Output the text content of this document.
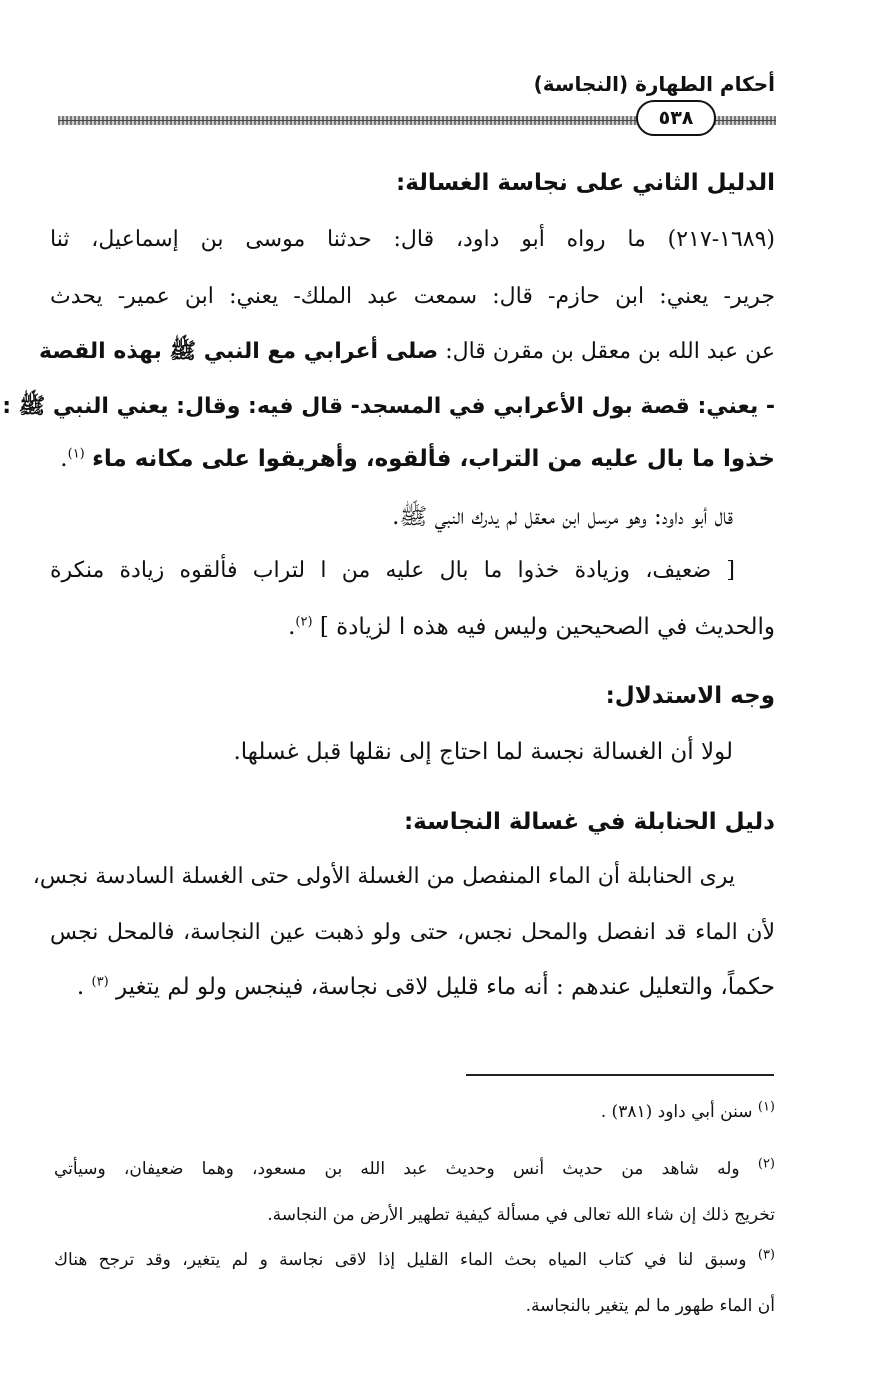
أحكام الطهارة (النجاسة)
٥٣٨
الدليل الثاني على نجاسة الغسالة:
(١٦٨٩-٢١٧) ما رواه أبو داود، قال: حدثنا موسى بن إسماعيل، ثنا
جرير- يعني: ابن حازم- قال: سمعت عبد الملك- يعني: ابن عمير- يحدث
عن عبد الله بن معقل بن مقرن قال: صلى أعرابي مع النبي ﷺ بهذه القصة
- يعني: قصة بول الأعرابي في المسجد- قال فيه: وقال: يعني النبي ﷺ :
خذوا ما بال عليه من التراب، فألقوه، وأهريقوا على مكانه ماء $^{(١)}$.
قال أبو داود: وهو مرسل ابن معقل لم يدرك النبي ﷺ.
[ ضعيف، وزيادة خذوا ما بال عليه من ا لتراب فألقوه زيادة منكرة
والحديث في الصحيحين وليس فيه هذه ا لزيادة ] $^{(٢)}$.
وجه الاستدلال:
لولا أن الغسالة نجسة لما احتاج إلى نقلها قبل غسلها.
دليل الحنابلة في غسالة النجاسة:
يرى الحنابلة أن الماء المنفصل من الغسلة الأولى حتى الغسلة السادسة نجس،
لأن الماء قد انفصل والمحل نجس، حتى ولو ذهبت عين النجاسة، فالمحل نجس
حكماً، والتعليل عندهم : أنه ماء قليل لاقى نجاسة، فينجس ولو لم يتغير $^{(٣)}$ .
$^{(١)}$ سنن أبي داود (٣٨١) .
$^{(٢)}$ وله شاهد من حديث أنس وحديث عبد الله بن مسعود، وهما ضعيفان، وسيأتي
تخريج ذلك إن شاء الله تعالى في مسألة كيفية تطهير الأرض من النجاسة.
$^{(٣)}$ وسبق لنا في كتاب المياه بحث الماء القليل إذا لاقى نجاسة و لم يتغير، وقد ترجح هناك
أن الماء طهور ما لم يتغير بالنجاسة.
